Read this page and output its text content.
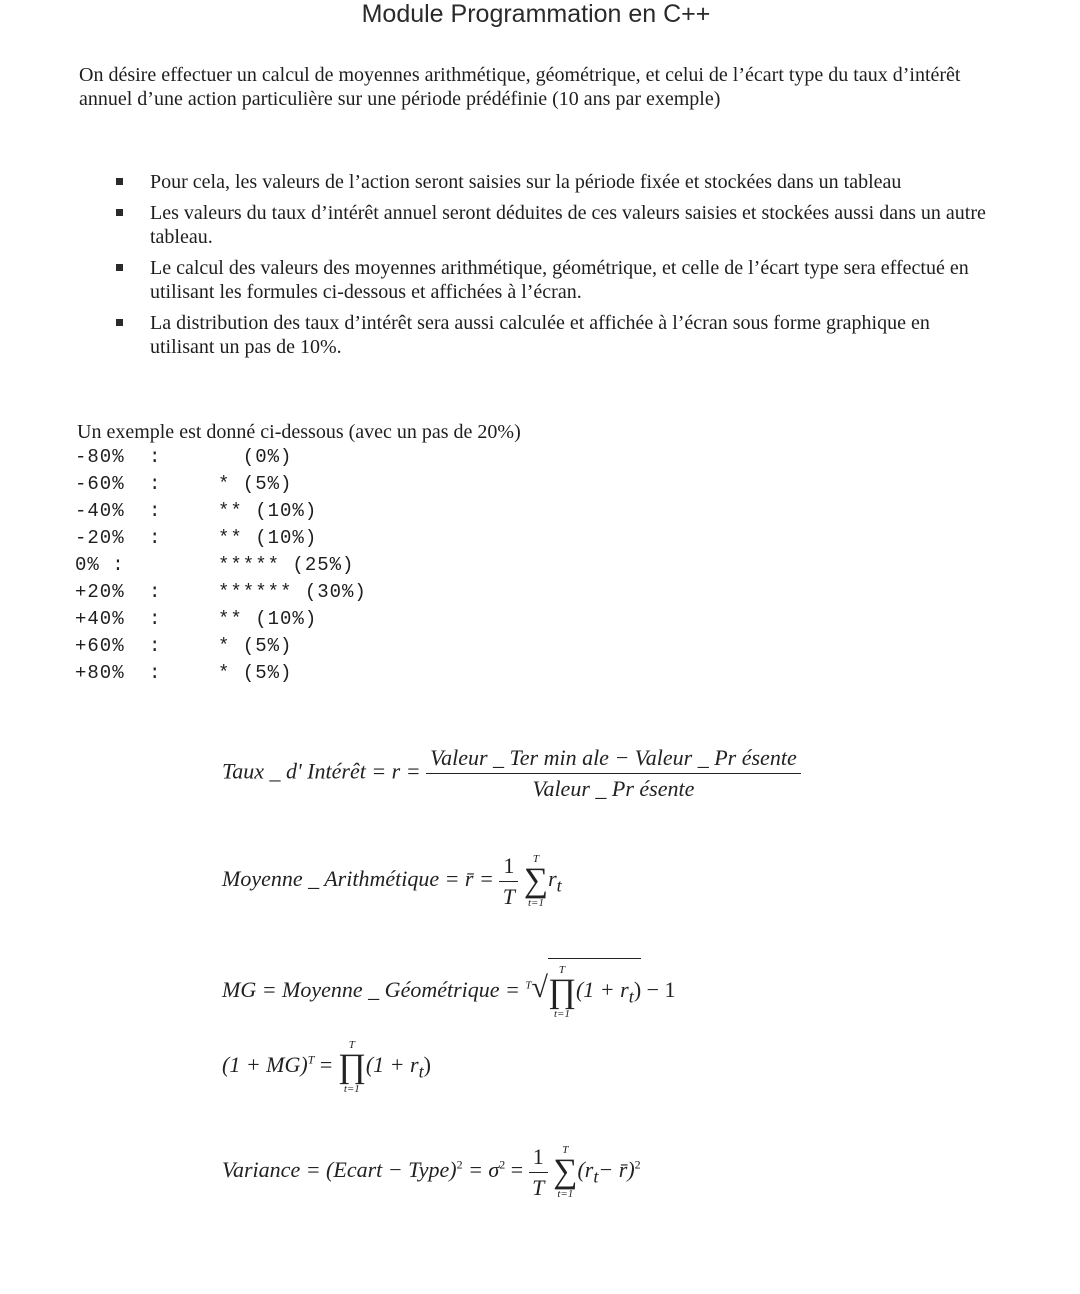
Module Programmation en C++
On désire effectuer un calcul de moyennes arithmétique, géométrique, et celui de l’écart type du taux d’intérêt annuel d’une action particulière sur une période prédéfinie (10 ans par exemple)
Pour cela, les valeurs de l’action seront saisies sur la période fixée et stockées dans un tableau
Les valeurs du taux d’intérêt annuel seront déduites de ces valeurs saisies et stockées aussi dans un autre tableau.
Le calcul des valeurs des moyennes arithmétique, géométrique, et celle de l’écart type sera effectué en utilisant les formules ci-dessous et affichées à l’écran.
La distribution des taux d’intérêt sera aussi calculée et affichée à l’écran sous forme graphique en utilisant un pas de 10%.
Un exemple est donné ci-dessous (avec un pas de 20%)
-80% :	(0%)
-60% :	* (5%)
-40% :	** (10%)
-20% :	** (10%)
0% :	***** (25%)
+20% :	****** (30%)
+40% :	** (10%)
+60% :	* (5%)
+80% :	* (5%)
Taux _ d' Intérêt = $r = \frac{\text{Valeur \_ Ter min ale − Valeur \_ Pr ésente}}{\text{Valeur \_ Pr ésente}}$
Moyenne _ Arithmétique = r̄ = $\frac{1}{T}$
	T
∑
t=1
$r_t$
MG = Moyenne _ Géométrique = $^T$√
T
∏
t=1
$(1 + r_t) - 1$
(1 + MG)$^T$ =
T
∏
t=1
$(1 + r_t)$
Variance = (Ecart − Type)$^2$ = $\sigma^2 = \frac{1}{T}$
	T
∑
t=1
($r_t-$ r̄)$^2$
